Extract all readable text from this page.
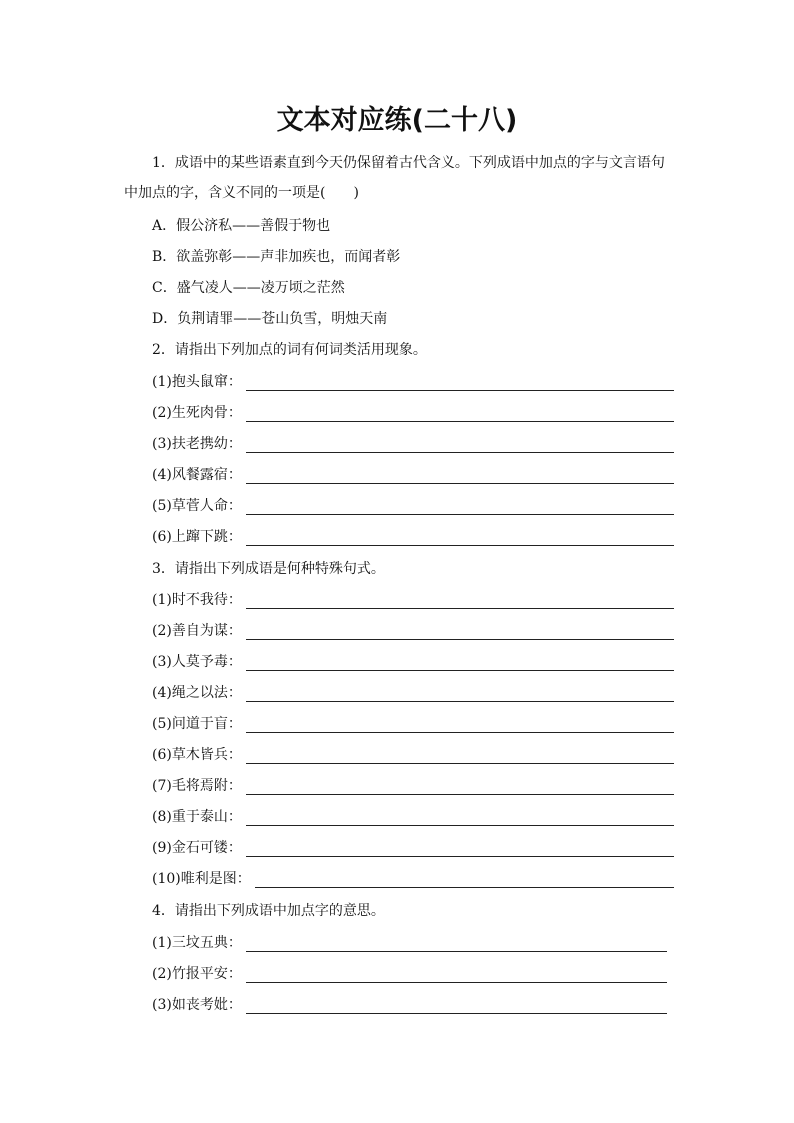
文本对应练(二十八)
1．成语中的某些语素直到今天仍保留着古代含义。下列成语中加点的字与文言语句中加点的字，含义不同的一项是( )
A．假公济私——善假于物也
B．欲盖弥彰——声非加疾也，而闻者彰
C．盛气凌人——凌万顷之茫然
D．负荆请罪——苍山负雪，明烛天南
2．请指出下列加点的词有何词类活用现象。
(1)抱头鼠窜：
(2)生死肉骨：
(3)扶老携幼：
(4)风餐露宿：
(5)草菅人命：
(6)上蹿下跳：
3．请指出下列成语是何种特殊句式。
(1)时不我待：
(2)善自为谋：
(3)人莫予毒：
(4)绳之以法：
(5)问道于盲：
(6)草木皆兵：
(7)毛将焉附：
(8)重于泰山：
(9)金石可镂：
(10)唯利是图：
4．请指出下列成语中加点字的意思。
(1)三坟五典：
(2)竹报平安：
(3)如丧考妣：
